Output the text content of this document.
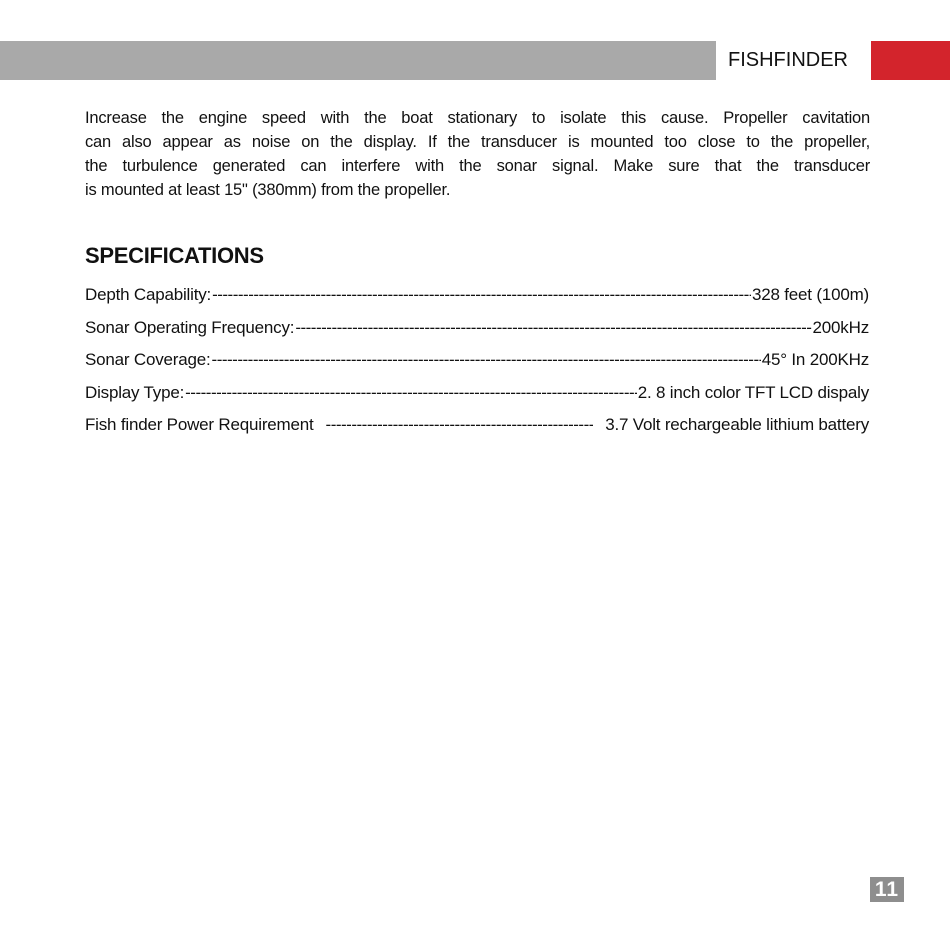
FISHFINDER

Increase the engine speed with the boat stationary to isolate this cause. Propeller cavitation
can also appear as noise on the display. If the transducer is mounted too close to the propeller,
the turbulence generated can interfere with the sonar signal. Make sure that the transducer
is mounted at least 15" (380mm) from the propeller.

SPECIFICATIONS
Depth Capability: -----	328 feet (100m)
Sonar Operating Frequency: -----	200kHz
Sonar Coverage: -----	45° In 200KHz
Display Type: -----	2. 8 inch color TFT LCD dispaly
Fish finder Power Requirement -----	3.7 Volt rechargeable lithium battery
11
